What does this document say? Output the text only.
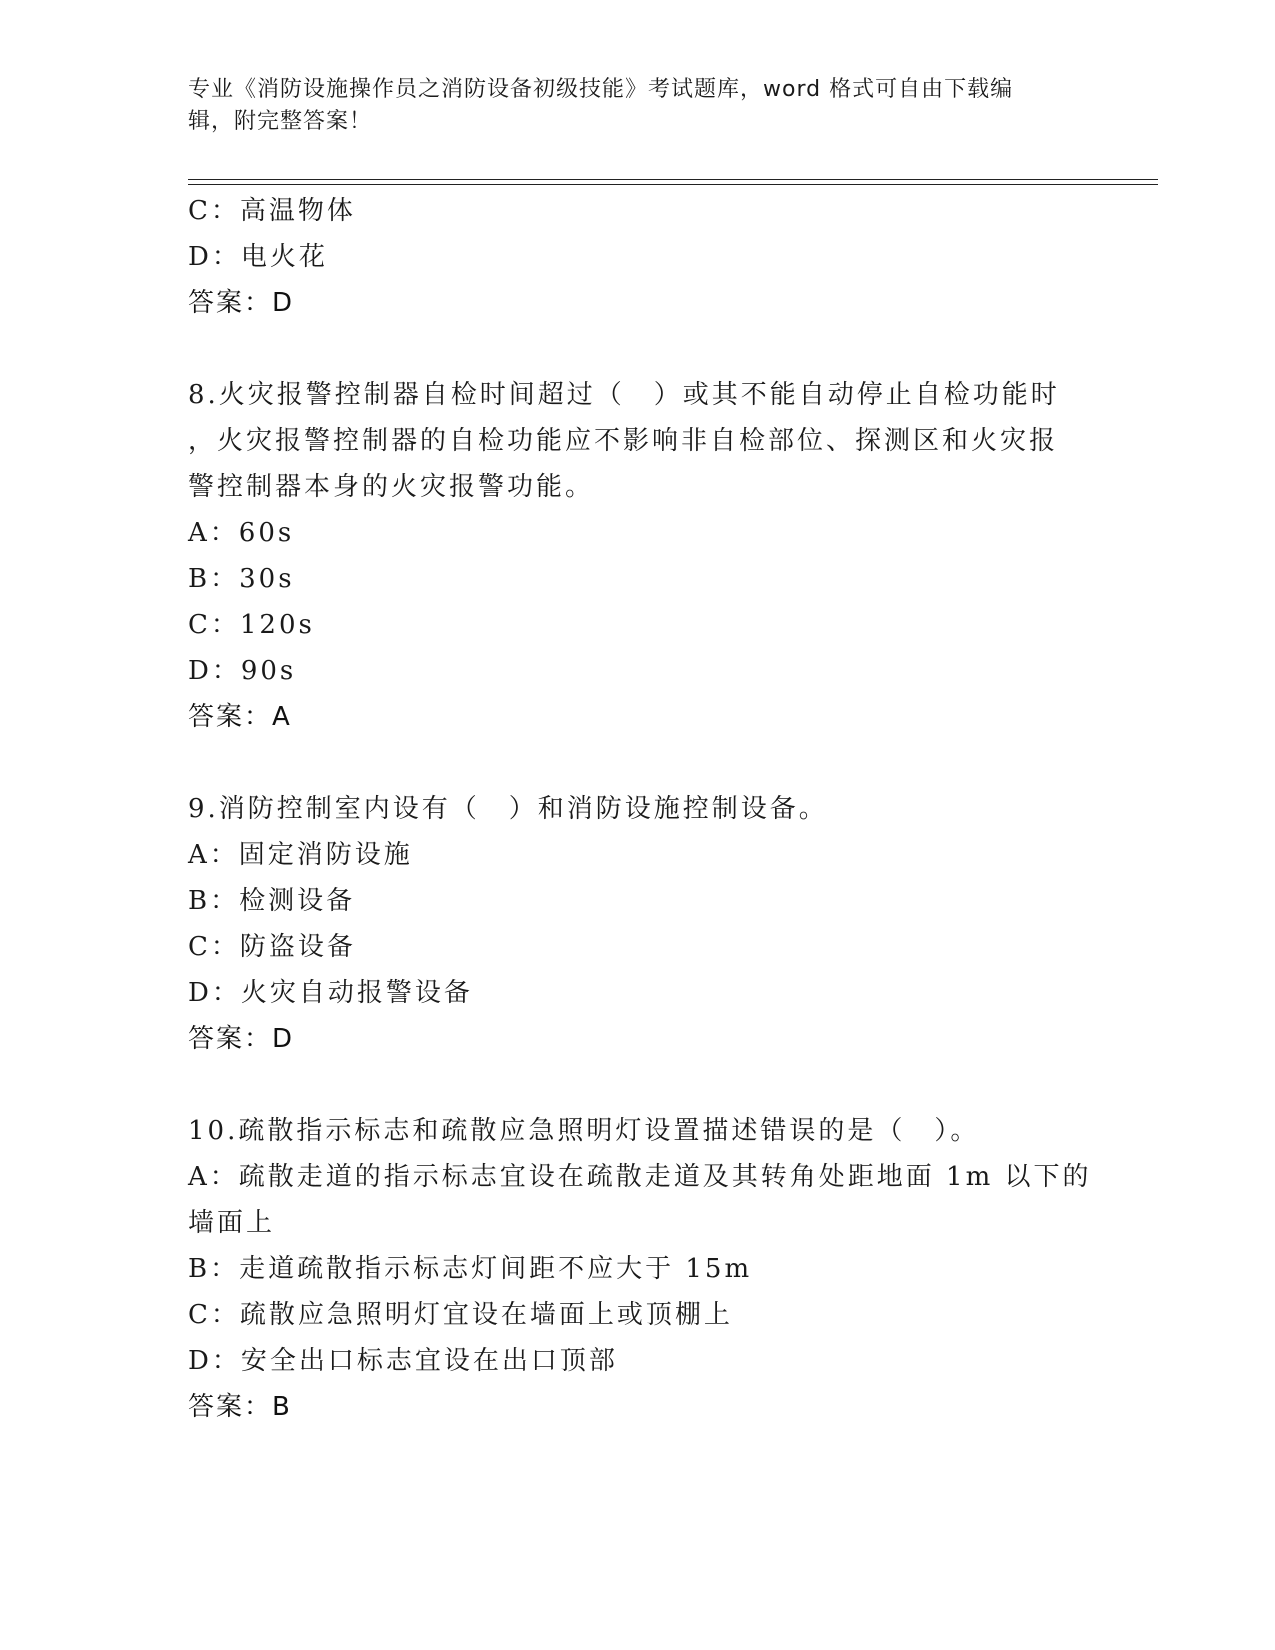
专业《消防设施操作员之消防设备初级技能》考试题库，word 格式可自由下载编
辑，附完整答案！
C：高温物体
D：电火花
答案：D
8.火灾报警控制器自检时间超过（　）或其不能自动停止自检功能时
，火灾报警控制器的自检功能应不影响非自检部位、探测区和火灾报
警控制器本身的火灾报警功能。
A：60s
B：30s
C：120s
D：90s
答案：A
9.消防控制室内设有（　）和消防设施控制设备。
A：固定消防设施
B：检测设备
C：防盗设备
D：火灾自动报警设备
答案：D
10.疏散指示标志和疏散应急照明灯设置描述错误的是（　）。
A：疏散走道的指示标志宜设在疏散走道及其转角处距地面 1m 以下的
墙面上
B：走道疏散指示标志灯间距不应大于 15m
C：疏散应急照明灯宜设在墙面上或顶棚上
D：安全出口标志宜设在出口顶部
答案：B
